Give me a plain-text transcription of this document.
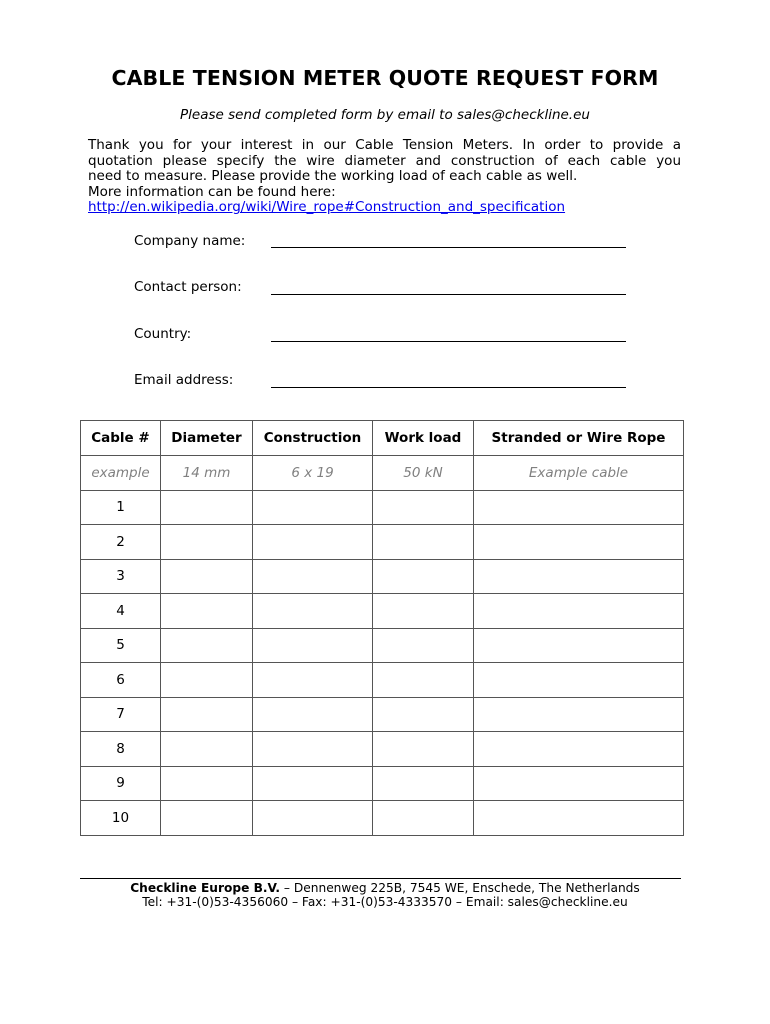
CABLE TENSION METER QUOTE REQUEST FORM
Please send completed form by email to sales@checkline.eu
Thank you for your interest in our Cable Tension Meters. In order to provide a
quotation please specify the wire diameter and construction of each cable you
need to measure. Please provide the working load of each cable as well.
More information can be found here:
http://en.wikipedia.org/wiki/Wire_rope#Construction_and_specification
Company name:
Contact person:
Country:
Email address:
Cable #	Diameter	Construction	Work load	Stranded or Wire Rope
example	14 mm	6 x 19	50 kN	Example cable
1				
2				
3				
4				
5				
6				
7				
8				
9				
10				
Checkline Europe B.V. – Dennenweg 225B, 7545 WE, Enschede, The Netherlands
Tel: +31-(0)53-4356060 – Fax: +31-(0)53-4333570 – Email: sales@checkline.eu
